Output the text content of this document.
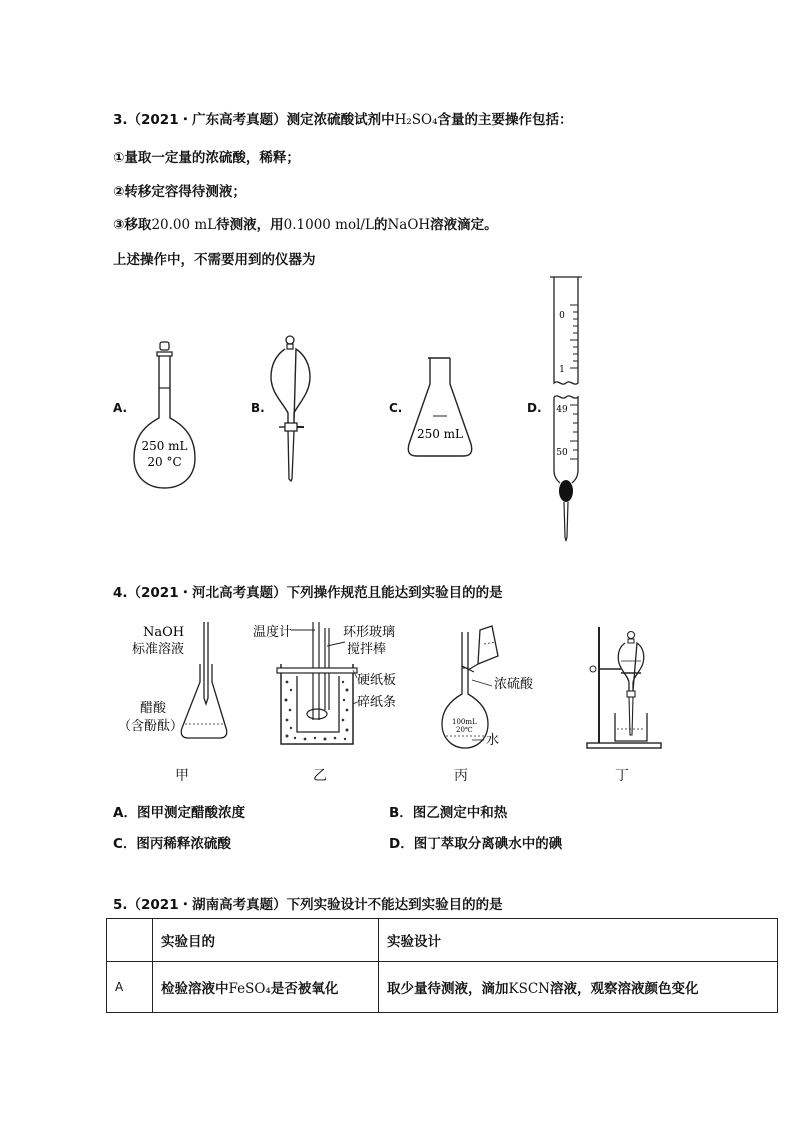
3.（2021・广东高考真题）测定浓硫酸试剂中H₂SO₄含量的主要操作包括：
①量取一定量的浓硫酸，稀释；
②转移定容得待测液；
③移取20.00 mL待测液，用0.1000 mol/L的NaOH溶液滴定。
上述操作中，不需要用到的仪器为
A.	B.	C.	D.
250 mL
20 °C
250 mL
0
1
49
50
4.（2021・河北高考真题）下列操作规范且能达到实验目的的是
NaOH
标准溶液
醋酸
（含酚酞）
温度计	环形玻璃
搅拌棒
硬纸板
碎纸条
100mL
20℃
浓硫酸
水
甲	乙	丙	丁
A．图甲测定醋酸浓度	B．图乙测定中和热
C．图丙稀释浓硫酸	D．图丁萃取分离碘水中的碘
5.（2021・湖南高考真题）下列实验设计不能达到实验目的的是
	实验目的	实验设计
A	检验溶液中FeSO₄是否被氧化	取少量待测液，滴加KSCN溶液，观察溶液颜色变化
